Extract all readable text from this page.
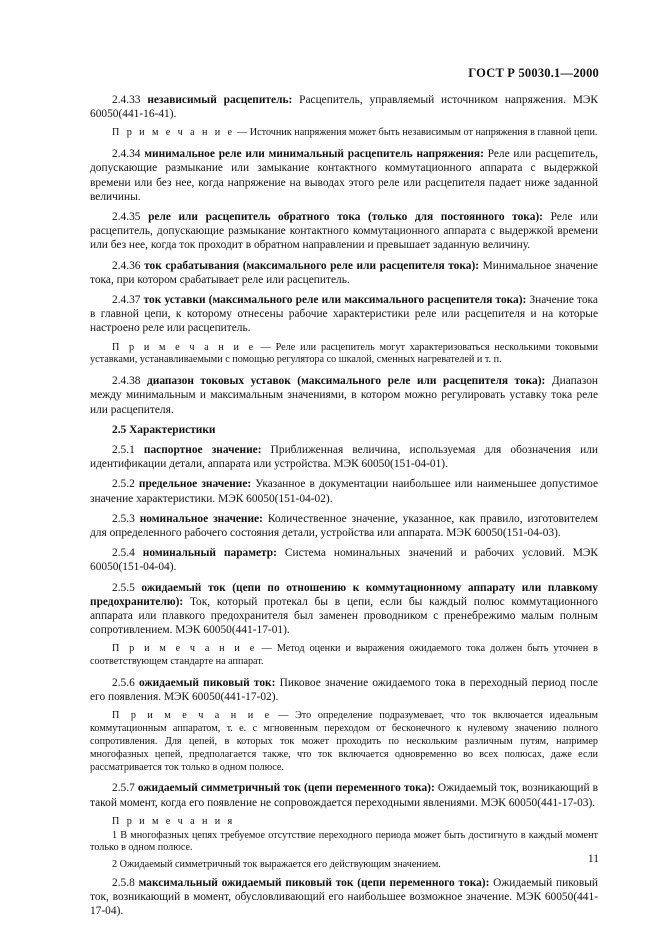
ГОСТ Р 50030.1—2000

2.4.33 независимый расцепитель: Расцепитель, управляемый источником напряжения. МЭК 60050(441-16-41).

П р и м е ч а н и е — Источник напряжения может быть независимым от напряжения в главной цепи.

2.4.34 минимальное реле или минимальный расцепитель напряжения: Реле или расцепитель, допускающие размыкание или замыкание контактного коммутационного аппарата с выдержкой времени или без нее, когда напряжение на выводах этого реле или расцепителя падает ниже заданной величины.

2.4.35 реле или расцепитель обратного тока (только для постоянного тока): Реле или расцепитель, допускающие размыкание контактного коммутационного аппарата с выдержкой времени или без нее, когда ток проходит в обратном направлении и превышает заданную величину.

2.4.36 ток срабатывания (максимального реле или расцепителя тока): Минимальное значение тока, при котором срабатывает реле или расцепитель.

2.4.37 ток уставки (максимального реле или максимального расцепителя тока): Значение тока в главной цепи, к которому отнесены рабочие характеристики реле или расцепителя и на которые настроено реле или расцепитель.

П р и м е ч а н и е — Реле или расцепитель могут характеризоваться несколькими токовыми уставками, устанавливаемыми с помощью регулятора со шкалой, сменных нагревателей и т. п.

2.4.38 диапазон токовых уставок (максимального реле или расцепителя тока): Диапазон между минимальным и максимальным значениями, в котором можно регулировать уставку тока реле или расцепителя.

2.5 Характеристики

2.5.1 паспортное значение: Приближенная величина, используемая для обозначения или идентификации детали, аппарата или устройства. МЭК 60050(151-04-01).

2.5.2 предельное значение: Указанное в документации наибольшее или наименьшее допустимое значение характеристики. МЭК 60050(151-04-02).

2.5.3 номинальное значение: Количественное значение, указанное, как правило, изготовителем для определенного рабочего состояния детали, устройства или аппарата. МЭК 60050(151-04-03).

2.5.4 номинальный параметр: Система номинальных значений и рабочих условий. МЭК 60050(151-04-04).

2.5.5 ожидаемый ток (цепи по отношению к коммутационному аппарату или плавкому предохранителю): Ток, который протекал бы в цепи, если бы каждый полюс коммутационного аппарата или плавкого предохранителя был заменен проводником с пренебрежимо малым полным сопротивлением. МЭК 60050(441-17-01).

П р и м е ч а н и е — Метод оценки и выражения ожидаемого тока должен быть уточнен в соответствующем стандарте на аппарат.

2.5.6 ожидаемый пиковый ток: Пиковое значение ожидаемого тока в переходный период после его появления. МЭК 60050(441-17-02).

П р и м е ч а н и е — Это определение подразумевает, что ток включается идеальным коммутационным аппаратом, т. е. с мгновенным переходом от бесконечного к нулевому значению полного сопротивления. Для цепей, в которых ток может проходить по нескольким различным путям, например многофазных цепей, предполагается также, что ток включается одновременно во всех полюсах, даже если рассматривается ток только в одном полюсе.

2.5.7 ожидаемый симметричный ток (цепи переменного тока): Ожидаемый ток, возникающий в такой момент, когда его появление не сопровождается переходными явлениями. МЭК 60050(441-17-03).

П р и м е ч а н и я

1 В многофазных цепях требуемое отсутствие переходного периода может быть достигнуто в каждый момент только в одном полюсе.

2 Ожидаемый симметричный ток выражается его действующим значением.

2.5.8 максимальный ожидаемый пиковый ток (цепи переменного тока): Ожидаемый пиковый ток, возникающий в момент, обусловливающий его наибольшее возможное значение. МЭК 60050(441-17-04).

11
